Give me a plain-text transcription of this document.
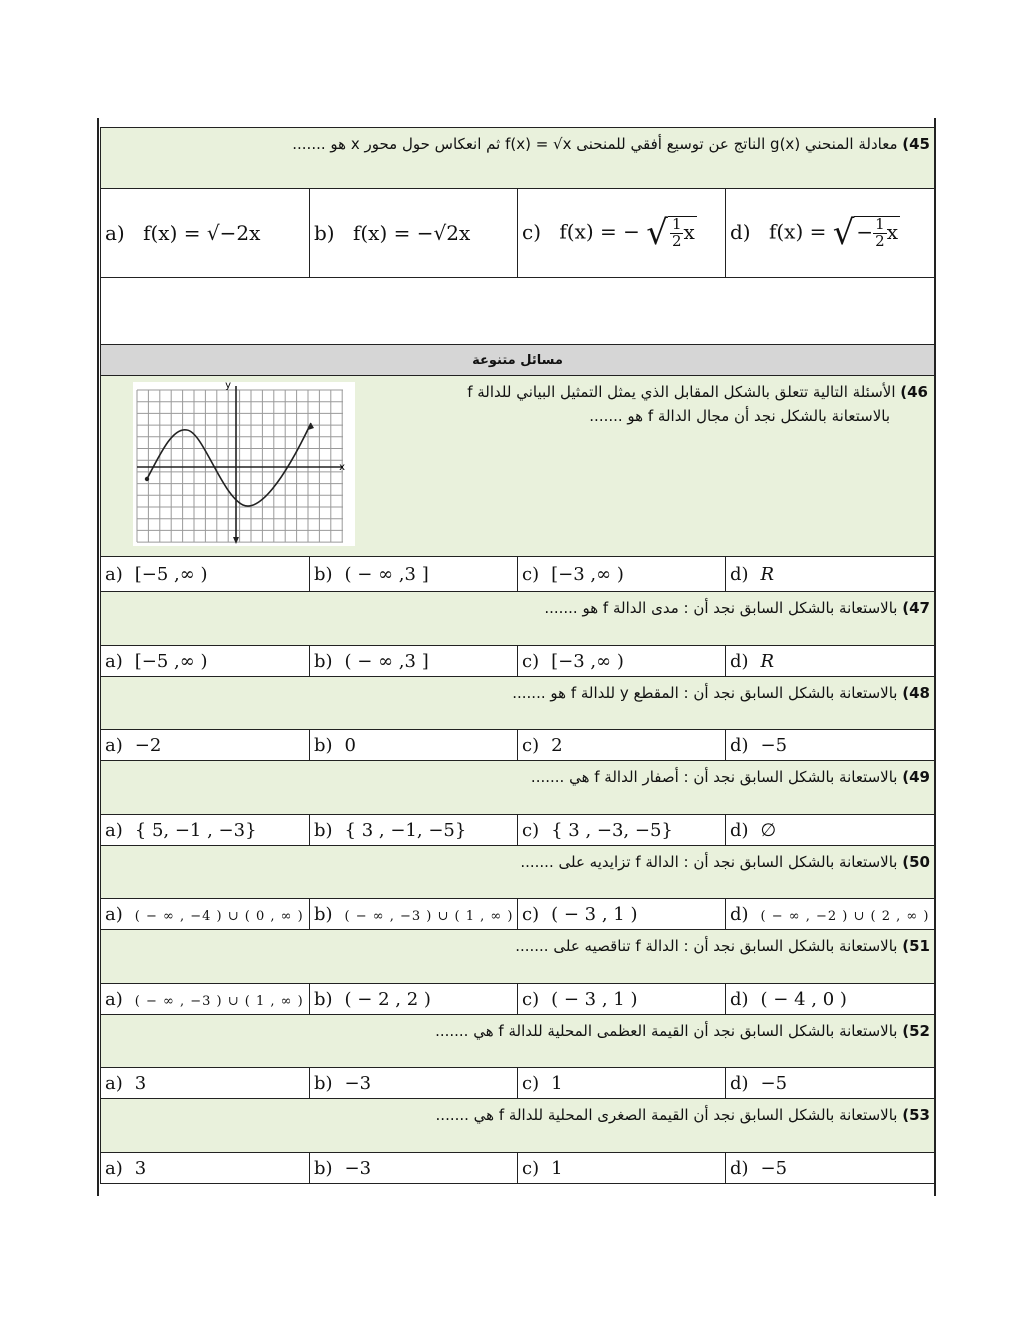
45) معادلة المنحني (g(x الناتج عن توسيع أفقي للمنحنى f(x) = √x ثم انعكاس حول محور x هو .......			
a) f(x) = √−2x	b) f(x) = −√2x	c) f(x) = − √ $\frac{1}{2}$ x	d) f(x) = √ − $\frac{1}{2}$ x

مسائل متنوعة			

46) الأسئلة التالية تتعلق بالشكل المقابل الذي يمثل التمثيل البياني للدالة f
بالاستعانة بالشكل نجد أن مجال الدالة f هو .......
x
y			

a) [−5 ,∞ )	b) ( − ∞ ,3 ]	c) [−3 ,∞ )	d) R
47) بالاستعانة بالشكل السابق نجد أن : مدى الدالة f هو .......			
a) [−5 ,∞ )	b) ( − ∞ ,3 ]	c) [−3 ,∞ )	d) R
48) بالاستعانة بالشكل السابق نجد أن : المقطع y للدالة f هو .......			
a) −2	b) 0	c) 2	d) −5
49) بالاستعانة بالشكل السابق نجد أن : أصفار الدالة f هي .......			
a) { 5, −1 , −3}	b) { 3 , −1, −5}	c) { 3 , −3, −5}	d) ∅
50) بالاستعانة بالشكل السابق نجد أن : الدالة f تزايديه على .......			
a) ( − ∞ , −4 ) ∪ ( 0 , ∞ )	b) ( − ∞ , −3 ) ∪ ( 1 , ∞ )	c) ( − 3 , 1 )	d) ( − ∞ , −2 ) ∪ ( 2 , ∞ )
51) بالاستعانة بالشكل السابق نجد أن : الدالة f تناقصيه على .......			
a) ( − ∞ , −3 ) ∪ ( 1 , ∞ )	b) ( − 2 , 2 )	c) ( − 3 , 1 )	d) ( − 4 , 0 )
52) بالاستعانة بالشكل السابق نجد أن القيمة العظمى المحلية للدالة f هي .......			
a) 3	b) −3	c) 1	d) −5
53) بالاستعانة بالشكل السابق نجد أن القيمة الصغرى المحلية للدالة f هي .......			
a) 3	b) −3	c) 1	d) −5
